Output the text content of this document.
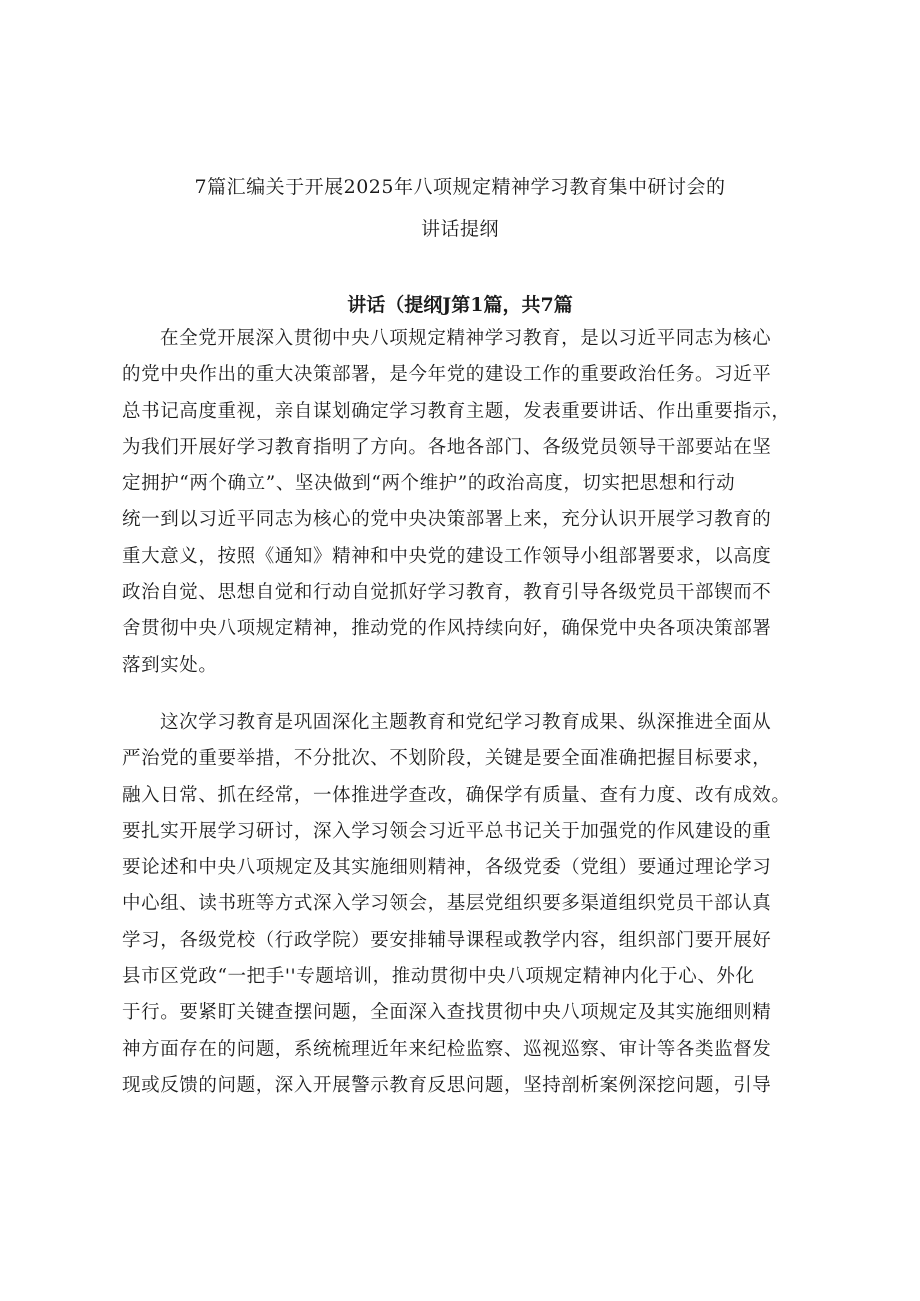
7篇汇编关于开展2025年八项规定精神学习教育集中研讨会的
讲话提纲
讲话（提纲J第1篇，共7篇
在全党开展深入贯彻中央八项规定精神学习教育，是以习近平同志为核心
的党中央作出的重大决策部署，是今年党的建设工作的重要政治任务。习近平
总书记高度重视，亲自谋划确定学习教育主题，发表重要讲话、作出重要指示，
为我们开展好学习教育指明了方向。各地各部门、各级党员领导干部要站在坚
定拥护“两个确立”、坚决做到“两个维护”的政治高度，切实把思想和行动
统一到以习近平同志为核心的党中央决策部署上来，充分认识开展学习教育的
重大意义，按照《通知》精神和中央党的建设工作领导小组部署要求，以高度
政治自觉、思想自觉和行动自觉抓好学习教育，教育引导各级党员干部锲而不
舍贯彻中央八项规定精神，推动党的作风持续向好，确保党中央各项决策部署
落到实处。
这次学习教育是巩固深化主题教育和党纪学习教育成果、纵深推进全面从
严治党的重要举措，不分批次、不划阶段，关键是要全面准确把握目标要求，
融入日常、抓在经常，一体推进学查改，确保学有质量、查有力度、改有成效。
要扎实开展学习研讨，深入学习领会习近平总书记关于加强党的作风建设的重
要论述和中央八项规定及其实施细则精神，各级党委（党组）要通过理论学习
中心组、读书班等方式深入学习领会，基层党组织要多渠道组织党员干部认真
学习，各级党校（行政学院）要安排辅导课程或教学内容，组织部门要开展好
县市区党政“一把手''专题培训，推动贯彻中央八项规定精神内化于心、外化
于行。要紧盯关键查摆问题，全面深入查找贯彻中央八项规定及其实施细则精
神方面存在的问题，系统梳理近年来纪检监察、巡视巡察、审计等各类监督发
现或反馈的问题，深入开展警示教育反思问题，坚持剖析案例深挖问题，引导
